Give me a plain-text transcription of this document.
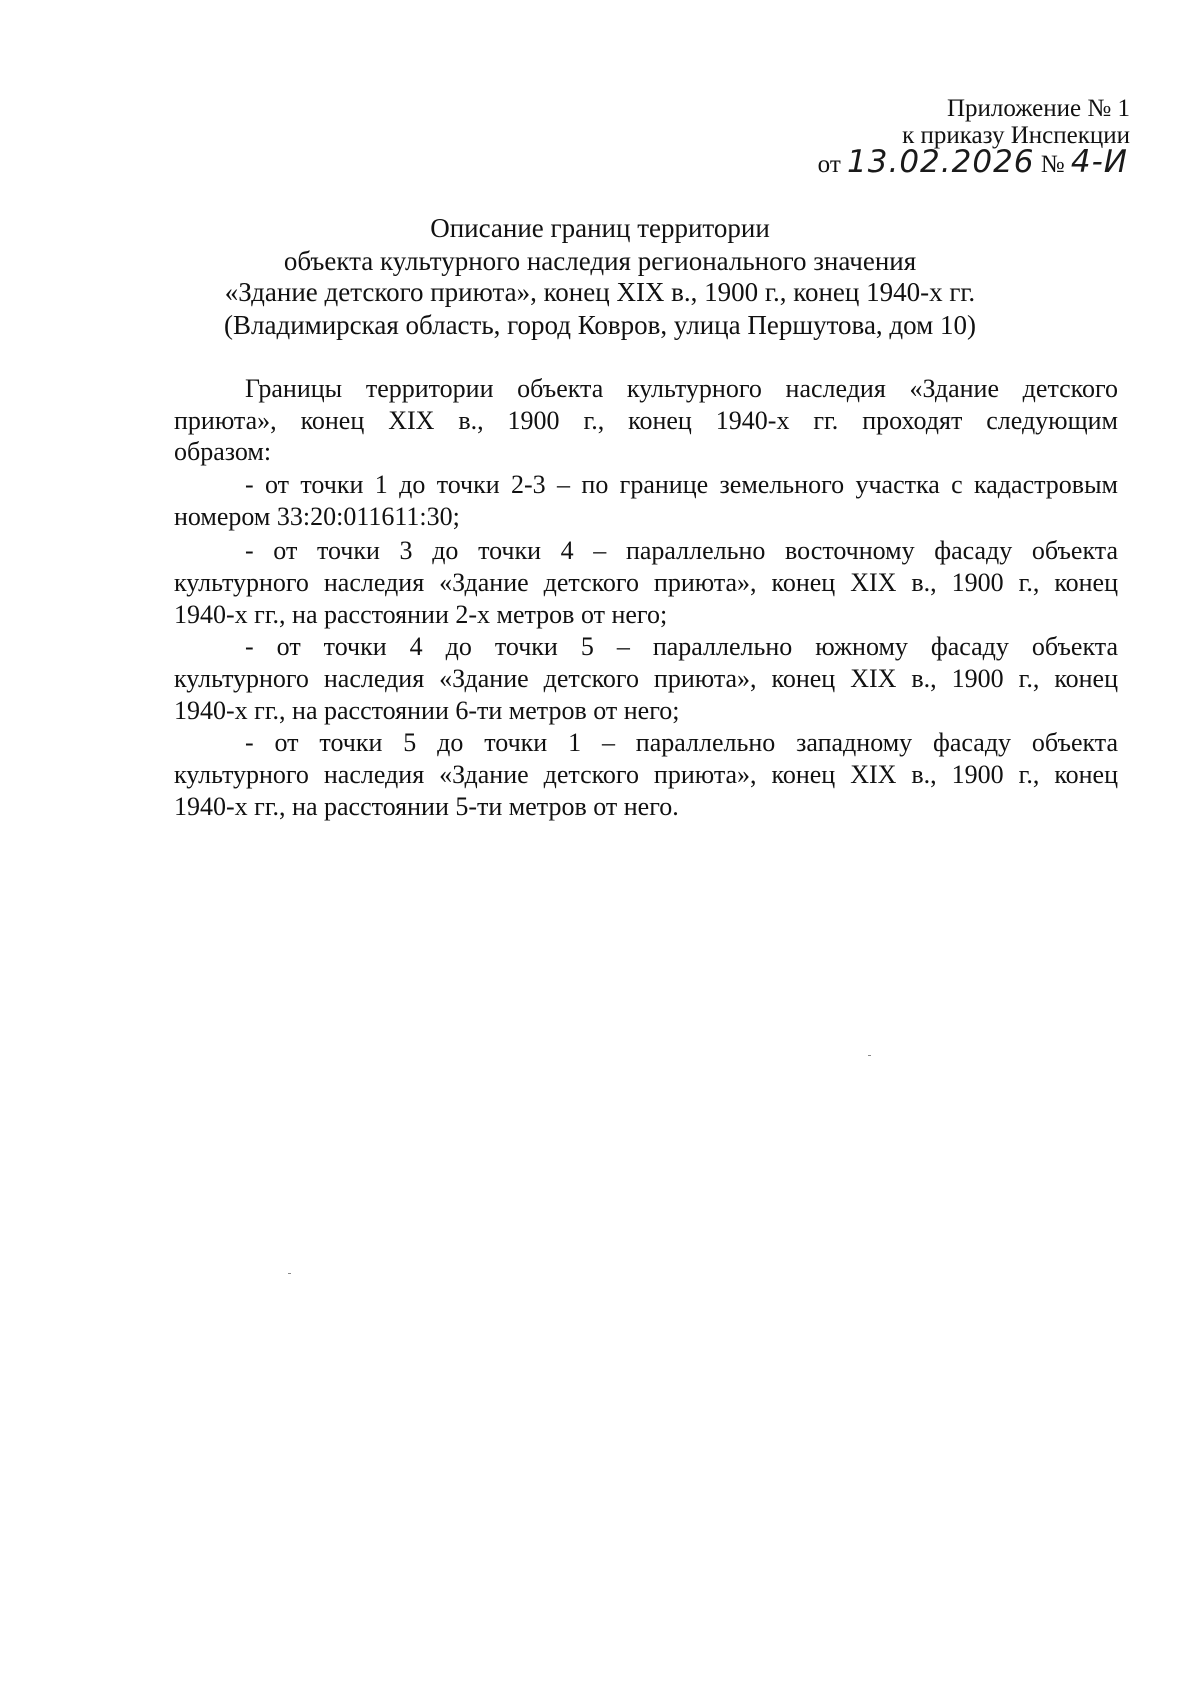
Приложение № 1
к приказу Инспекции
от 13.02.2026 № 4-И
Описание границ территории
объекта культурного наследия регионального значения
«Здание детского приюта», конец XIX в., 1900 г., конец 1940-х гг.
(Владимирская область, город Ковров, улица Першутова, дом 10)
Границы территории объекта культурного наследия «Здание детского
приюта», конец XIX в., 1900 г., конец 1940-х гг. проходят следующим
образом:
- от точки 1 до точки 2-3 – по границе земельного участка с кадастровым
номером 33:20:011611:30;
- от точки 3 до точки 4 – параллельно восточному фасаду объекта
культурного наследия «Здание детского приюта», конец XIX в., 1900 г., конец
1940-х гг., на расстоянии 2-х метров от него;
- от точки 4 до точки 5 – параллельно южному фасаду объекта
культурного наследия «Здание детского приюта», конец XIX в., 1900 г., конец
1940-х гг., на расстоянии 6-ти метров от него;
- от точки 5 до точки 1 – параллельно западному фасаду объекта
культурного наследия «Здание детского приюта», конец XIX в., 1900 г., конец
1940-х гг., на расстоянии 5-ти метров от него.
